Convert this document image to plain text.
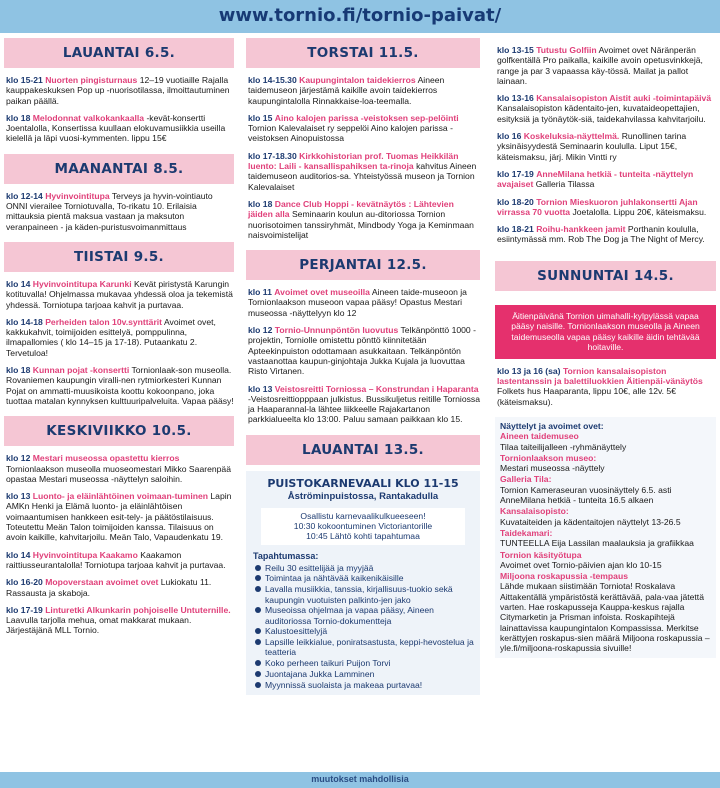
www.tornio.fi/tornio-paivat/
LAUANTAI 6.5.
klo 15-21 Nuorten pingisturnaus 12–19 vuotiaille Rajalla kauppakeskuksen Pop up -nuorisotilassa, ilmoittautuminen paikan päällä.
klo 18 Melodonnat valkokankaalla -kevät-konsertti Joentalolla, Konsertissa kuullaan elokuvamusiikkia useilla kielellä ja läpi vuosi-kymmenten. lippu 15€
MAANANTAI 8.5.
klo 12-14 Hyvinvointitupa Terveys ja hyvin-vointiauto ONNI vierailee Torniotuvalla, To-rikatu 10. Erilaisia mittauksia pientä maksua vastaan ja maksuton veranpaineen - ja käden-puristusvoimanmittaus
TIISTAI 9.5.
klo 14 Hyvinvointitupa Karunki Kevät piristystä Karungin kotituvalla! Ohjelmassa mukavaa yhdessä oloa ja tekemistä yhdessä. Torniotupa tarjoaa kahvit ja purtavaa.
klo 14-18 Perheiden talon 10v.synttärit Avoimet ovet, kakkukahvit, toimijoiden esittelyä, pomppulinna, ilmapallomies ( klo 14–15 ja 17-18). Putaankatu 2. Tervetuloa!
klo 18 Kunnan pojat -konsertti Tornionlaak-son museolla. Rovaniemen kaupungin viralli-nen rytmiorkesteri Kunnan Pojat on ammatti-muusikoista koottu kokoonpano, joka tuottaa matalan kynnyksen kulttuuripalveluita. Vapaa pääsy!
KESKIVIIKKO 10.5.
klo 12 Mestari museossa opastettu kierros Tornionlaakson museolla muoseomestari Mikko Saarenpää opastaa Mestari museossa -näyttelyn saloihin.
klo 13 Luonto- ja eläinlähtöinen voimaan-tuminen Lapin AMKn Henki ja Elämä luonto- ja eläinlähtöisen voimaantumisen hankkeen esit-tely- ja päätöstilaisuus. Toteutettu Meän Talon toimijoiden kanssa. Tilaisuus on avoin kaikille, kahvitarjoilu. Meän Talo, Vapaudenkatu 19.
klo 14 Hyvinvointitupa Kaakamo Kaakamon raittiusseurantalolla! Torniotupa tarjoaa kahvit ja purtavaa.
klo 16-20 Mopoverstaan avoimet ovet Lukiokatu 11. Rassausta ja skaboja.
klo 17-19 Linturetki Alkunkarin pohjoiselle Untuternille. Laavulla tarjolla mehua, omat makkarat mukaan. Järjestäjänä MLL Tornio.
TORSTAI 11.5.
klo 14-15.30 Kaupungintalon taidekierros Aineen taidemuseon järjestämä kaikille avoin taidekierros kaupungintalolla Rinnakkaise-loa-teemalla.
klo 15 Aino kalojen parissa -veistoksen sep-pelöinti Tornion Kalevalaiset ry seppelöi Aino kalojen parissa -veistoksen Ainopuistossa
klo 17-18.30 Kirkkohistorian prof. Tuomas Heikkilän luento: Laili - kansallispahiksen ta-rinoja kahvitus Aineen taidemuseon auditorios-sa. Yhteistyössä museon ja Tornion Kalevalaiset
klo 18 Dance Club Hoppi - kevätnäytös : Lähtevien jäiden alla Seminaarin koulun au-ditoriossa Tornion nuorisotoimen tanssiryhmät, Mindbody Yoga ja Keminmaan naisvoimistelijat
PERJANTAI 12.5.
klo 11 Avoimet ovet museoilla Aineen taide-museoon ja Tornionlaakson museoon vapaa pääsy! Opastus Mestari museossa -näyttelyyn klo 12
klo 12 Tornio-Unnunpöntön luovutus Telkänpönttö 1000 -projektin, Torniolle omistettu pönttö kiinnitetään Apteekinpuiston odottamaan asukkaitaan. Telkänpöntön vastaanottaa kaupun-ginjohtaja Jukka Kujala ja luovuttaa Risto Virtanen.
klo 13 Veistosreitti Torniossa – Konstrundan i Haparanta -Veistosreittiopppaan julkistus. Bussikuljetus reitille Torniossa ja Haaparannal-la lähtee liikkeelle Rajakartanon parkkialueelta klo 13:00. Paluu samaan paikkaan klo 15.
LAUANTAI 13.5.
PUISTOKARNEVAALI KLO 11-15
Åströminpuistossa, Rantakadulla
Osallistu karnevaalikulkueeseen!
10:30 kokoontuminen Victoriantorille
10:45 Lähtö kohti tapahtumaa
Tapahtumassa:
Reilu 30 esittelijää ja myyjää
Toimintaa ja nähtävää kaikenikäisille
Lavalla musiikkia, tanssia, kirjallisuus-tuokio sekä kaupungin vuotuisten palkinto-jen jako
Museoissa ohjelmaa ja vapaa pääsy, Aineen auditoriossa Tornio-dokumentteja
Kalustoesittelyjä
Lapsille leikkialue, poniratsastusta, keppi-hevostelua ja teatteria
Koko perheen taikuri Puijon Torvi
Juontajana Jukka Lamminen
Myynnissä suolaista ja makeaa purtavaa!
klo 13-15 Tutustu Golfiin Avoimet ovet Näränperän golfkentällä Pro paikalla, kaikille avoin opetusvinkkejä, range ja par 3 vapaassa käy-tössä. Mailat ja pallot lainaan.
klo 13-16 Kansalaisopiston Aistit auki -toimintapäivä Kansalaisopiston kädentaito-jen, kuvataideopettajien, esityksiä ja työnäytök-siä, taidekahvilassa kahvitarjoilu.
klo 16 Koskeluksia-näyttelmä. Runollinen tarina yksinäisyydestä Seminaarin koululla. Liput 15€, käteismaksu, järj. Mikin Vintti ry
klo 17-19 AnneMilana hetkiä - tunteita -näyttelyn avajaiset Galleria Tilassa
klo 18-20 Tornion Mieskuoron juhlakonsertti Ajan virrassa 70 vuotta Joetalolla. Lippu 20€, käteismaksu.
klo 18-21 Roihu-hankkeen jamit Porthanin koululla, esiintymässä mm. Rob The Dog ja The Night of Mercy.
SUNNUNTAI 14.5.
Äitienpäivänä Tornion uimahalli-kylpylässä vapaa pääsy naisille. Tornionlaakson museolla ja Aineen taidemuseolla vapaa pääsy kaikille äidin tehtävää hoitaville.
klo 13 ja 16 (sa) Tornion kansalaisopiston lastentanssin ja balettiluokkien Äitienpäi-vänäytös Folkets hus Haaparanta, lippu 10€, alle 12v. 5€ (käteismaksu).
Näyttelyt ja avoimet ovet:
Aineen taidemuseo
Tilaa taiteilijalleen -ryhmänäyttely
Tornionlaakson museo:
Mestari museossa -näyttely
Galleria Tila:
Tornion Kameraseuran vuosinäyttely 6.5. asti AnneMilana hetkiä - tunteita 16.5 alkaen
Kansalaisopisto:
Kuvataiteiden ja kädentaitojen näyttelyt 13-26.5
Taidekamari:
TUNTEELLA Eija Lassilan maalauksia ja grafiikkaa
Tornion käsityötupa
Avoimet ovet Tornio-päivien ajan klo 10-15
Miljoona roskapussia -tempaus
Lähde mukaan siistimään Torniota! Roskalava Aittakentällä ympäristöstä kerättävää, pala-vaa jätettä varten. Hae roskapusseja Kauppa-keskus rajalla Citymarketin ja Prisman infoista. Roskapihtejä lainattavissa kaupungintalon Kompassissa. Merkitse kerättyjen roskapus-sien määrä Miljoona roskapussia – yle.fi/miljoona-roskapussia sivuille!
muutokset mahdollisia
